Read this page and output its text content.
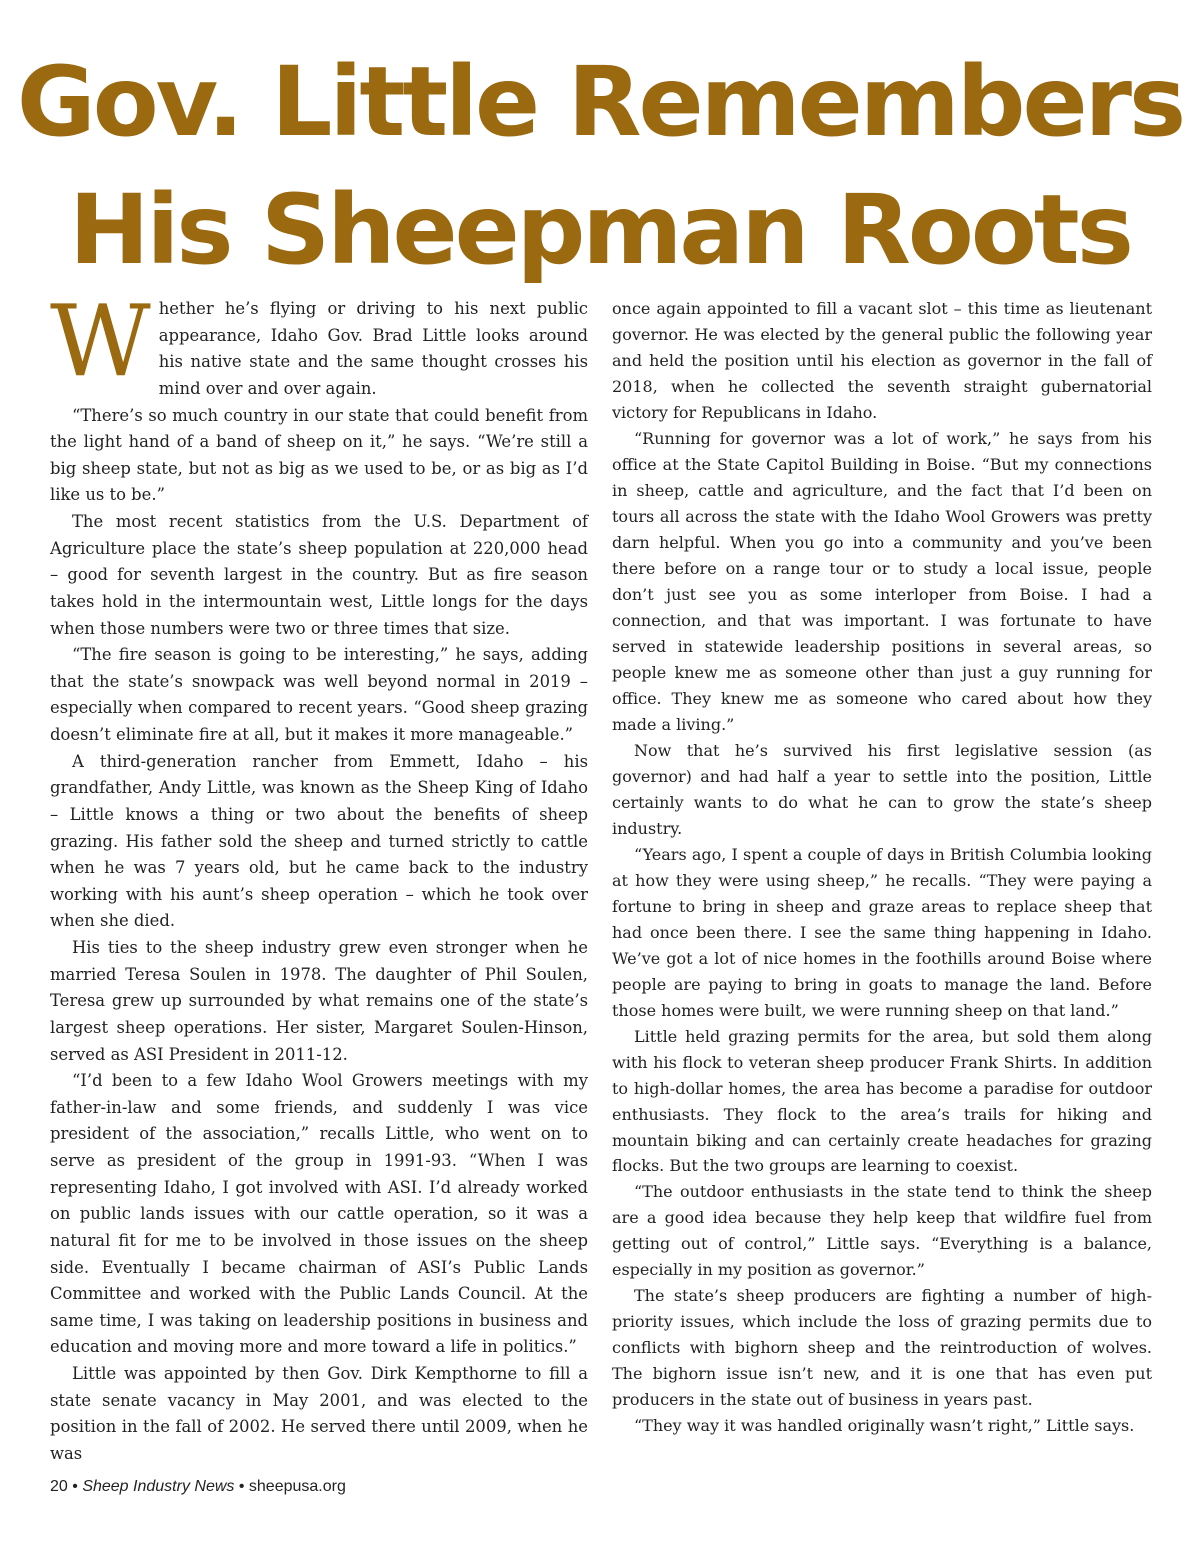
Gov. Little Remembers
His Sheepman Roots

Whether he’s flying or driving to his next public appearance, Idaho Gov. Brad Little looks around his native state and the same thought crosses his mind over and over again.

“There’s so much country in our state that could benefit from the light hand of a band of sheep on it,” he says. “We’re still a big sheep state, but not as big as we used to be, or as big as I’d like us to be.”

The most recent statistics from the U.S. Department of Agriculture place the state’s sheep population at 220,000 head – good for seventh largest in the country. But as fire season takes hold in the intermountain west, Little longs for the days when those numbers were two or three times that size.

“The fire season is going to be interesting,” he says, adding that the state’s snowpack was well beyond normal in 2019 – especially when compared to recent years. “Good sheep grazing doesn’t eliminate fire at all, but it makes it more manageable.”

A third-generation rancher from Emmett, Idaho – his grandfather, Andy Little, was known as the Sheep King of Idaho – Little knows a thing or two about the benefits of sheep grazing. His father sold the sheep and turned strictly to cattle when he was 7 years old, but he came back to the industry working with his aunt’s sheep operation – which he took over when she died.

His ties to the sheep industry grew even stronger when he married Teresa Soulen in 1978. The daughter of Phil Soulen, Teresa grew up surrounded by what remains one of the state’s largest sheep operations. Her sister, Margaret Soulen-Hinson, served as ASI President in 2011-12.

“I’d been to a few Idaho Wool Growers meetings with my father-in-law and some friends, and suddenly I was vice president of the association,” recalls Little, who went on to serve as president of the group in 1991-93. “When I was representing Idaho, I got involved with ASI. I’d already worked on public lands issues with our cattle operation, so it was a natural fit for me to be involved in those issues on the sheep side. Eventually I became chairman of ASI’s Public Lands Committee and worked with the Public Lands Council. At the same time, I was taking on leadership positions in business and education and moving more and more toward a life in politics.”

Little was appointed by then Gov. Dirk Kempthorne to fill a state senate vacancy in May 2001, and was elected to the position in the fall of 2002. He served there until 2009, when he was

once again appointed to fill a vacant slot – this time as lieutenant governor. He was elected by the general public the following year and held the position until his election as governor in the fall of 2018, when he collected the seventh straight gubernatorial victory for Republicans in Idaho.

“Running for governor was a lot of work,” he says from his office at the State Capitol Building in Boise. “But my connections in sheep, cattle and agriculture, and the fact that I’d been on tours all across the state with the Idaho Wool Growers was pretty darn helpful. When you go into a community and you’ve been there before on a range tour or to study a local issue, people don’t just see you as some interloper from Boise. I had a connection, and that was important. I was fortunate to have served in statewide leadership positions in several areas, so people knew me as someone other than just a guy running for office. They knew me as someone who cared about how they made a living.”

Now that he’s survived his first legislative session (as governor) and had half a year to settle into the position, Little certainly wants to do what he can to grow the state’s sheep industry.

“Years ago, I spent a couple of days in British Columbia looking at how they were using sheep,” he recalls. “They were paying a fortune to bring in sheep and graze areas to replace sheep that had once been there. I see the same thing happening in Idaho. We’ve got a lot of nice homes in the foothills around Boise where people are paying to bring in goats to manage the land. Before those homes were built, we were running sheep on that land.”

Little held grazing permits for the area, but sold them along with his flock to veteran sheep producer Frank Shirts. In addition to high-dollar homes, the area has become a paradise for outdoor enthusiasts. They flock to the area’s trails for hiking and mountain biking and can certainly create headaches for grazing flocks. But the two groups are learning to coexist.

“The outdoor enthusiasts in the state tend to think the sheep are a good idea because they help keep that wildfire fuel from getting out of control,” Little says. “Everything is a balance, especially in my position as governor.”

The state’s sheep producers are fighting a number of high-priority issues, which include the loss of grazing permits due to conflicts with bighorn sheep and the reintroduction of wolves. The bighorn issue isn’t new, and it is one that has even put producers in the state out of business in years past.

“They way it was handled originally wasn’t right,” Little says.

20 • Sheep Industry News • sheepusa.org
